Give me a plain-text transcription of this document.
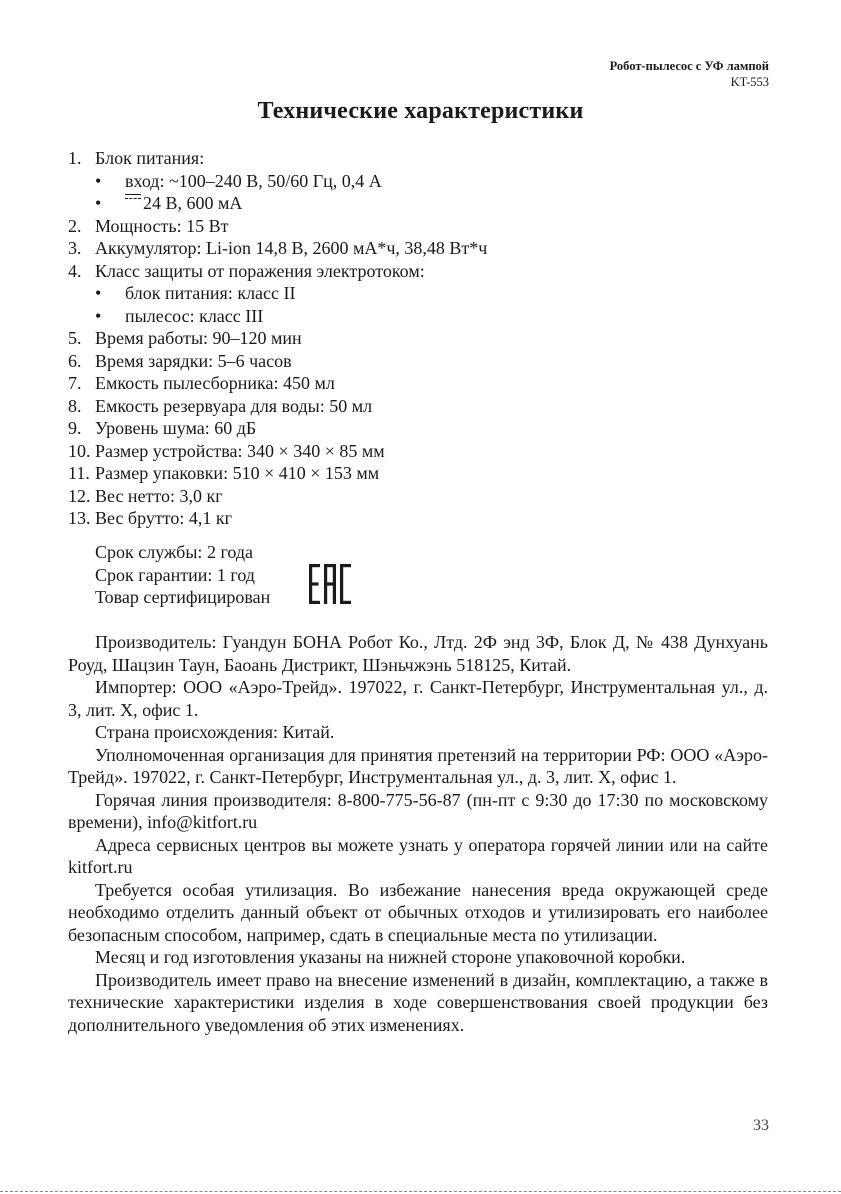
Робот-пылесос с УФ лампой
KT-553
Технические характеристики
1. Блок питания:
•	вход: ~100–240 В, 50/60 Гц, 0,4 А
•	24 В, 600 мА
2. Мощность: 15 Вт
3. Аккумулятор: Li-ion 14,8 В, 2600 мА*ч, 38,48 Вт*ч
4. Класс защиты от поражения электротоком:
•	блок питания: класс II
•	пылесос: класс III
5. Время работы: 90–120 мин
6. Время зарядки: 5–6 часов
7. Емкость пылесборника: 450 мл
8. Емкость резервуара для воды: 50 мл
9. Уровень шума: 60 дБ
10. Размер устройства: 340 × 340 × 85 мм
11. Размер упаковки: 510 × 410 × 153 мм
12. Вес нетто: 3,0 кг
13. Вес брутто: 4,1 кг
Срок службы: 2 года
Срок гарантии: 1 год
Товар сертифицирован

Производитель: Гуандун БОНА Робот Ко., Лтд. 2Ф энд 3Ф, Блок Д, № 438 Дунхуань Роуд, Шацзин Таун, Баоань Дистрикт, Шэньчжэнь 518125, Китай.

Импортер: ООО «Аэро-Трейд». 197022, г. Санкт-Петербург, Инструментальная ул., д. 3, лит. Х, офис 1.

Страна происхождения: Китай.

Уполномоченная организация для принятия претензий на территории РФ: ООО «Аэро-Трейд». 197022, г. Санкт-Петербург, Инструментальная ул., д. 3, лит. Х, офис 1.

Горячая линия производителя: 8-800-775-56-87 (пн-пт с 9:30 до 17:30 по московскому времени), info@kitfort.ru

Адреса сервисных центров вы можете узнать у оператора горячей линии или на сайте kitfort.ru

Требуется особая утилизация. Во избежание нанесения вреда окружающей среде необходимо отделить данный объект от обычных отходов и утилизировать его наиболее безопасным способом, например, сдать в специальные места по утилизации.

Месяц и год изготовления указаны на нижней стороне упаковочной коробки.

Производитель имеет право на внесение изменений в дизайн, комплектацию, а также в технические характеристики изделия в ходе совершенствования своей продукции без дополнительного уведомления об этих изменениях.

33
